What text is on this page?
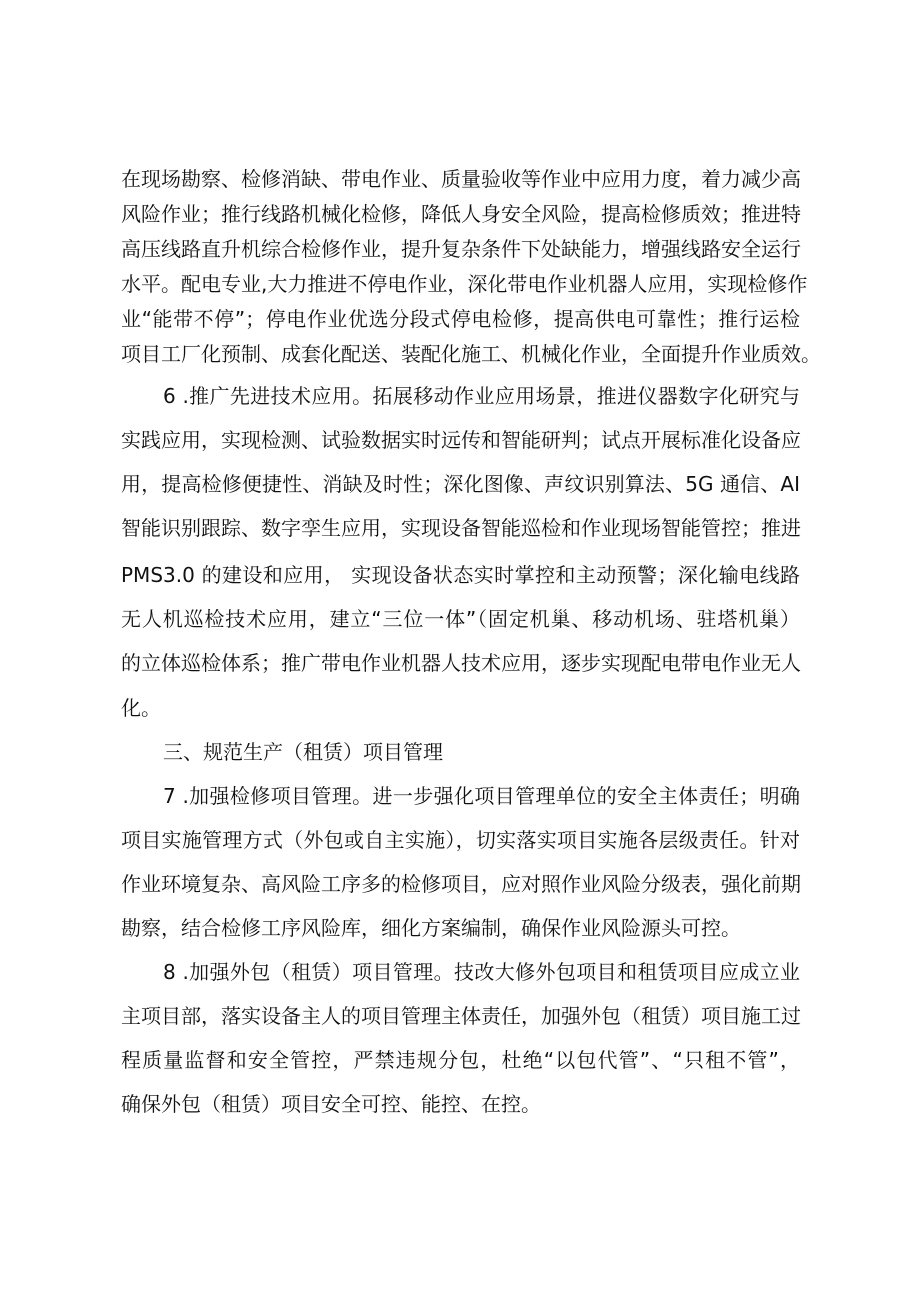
在现场勘察、检修消缺、带电作业、质量验收等作业中应用力度，着力减少高

风险作业；推行线路机械化检修，降低人身安全风险，提高检修质效；推进特

高压线路直升机综合检修作业，提升复杂条件下处缺能力，增强线路安全运行

水平。配电专业,大力推进不停电作业，深化带电作业机器人应用，实现检修作

业“能带不停”；停电作业优选分段式停电检修，提高供电可靠性；推行运检

项目工厂化预制、成套化配送、装配化施工、机械化作业，全面提升作业质效。

6 .推广先进技术应用。拓展移动作业应用场景，推进仪器数字化研究与

实践应用，实现检测、试验数据实时远传和智能研判；试点开展标准化设备应

用，提高检修便捷性、消缺及时性；深化图像、声纹识别算法、5G 通信、AI

智能识别跟踪、数字孪生应用，实现设备智能巡检和作业现场智能管控；推进

PMS3.0 的建设和应用， 实现设备状态实时掌控和主动预警；深化输电线路

无人机巡检技术应用，建立“三位一体”（固定机巢、移动机场、驻塔机巢）

的立体巡检体系；推广带电作业机器人技术应用，逐步实现配电带电作业无人

化。

三、规范生产（租赁）项目管理

7 .加强检修项目管理。进一步强化项目管理单位的安全主体责任；明确

项目实施管理方式（外包或自主实施），切实落实项目实施各层级责任。针对

作业环境复杂、高风险工序多的检修项目，应对照作业风险分级表，强化前期

勘察，结合检修工序风险库，细化方案编制，确保作业风险源头可控。

8 .加强外包（租赁）项目管理。技改大修外包项目和租赁项目应成立业

主项目部，落实设备主人的项目管理主体责任，加强外包（租赁）项目施工过

程质量监督和安全管控，严禁违规分包，杜绝“以包代管”、“只租不管”，

确保外包（租赁）项目安全可控、能控、在控。
